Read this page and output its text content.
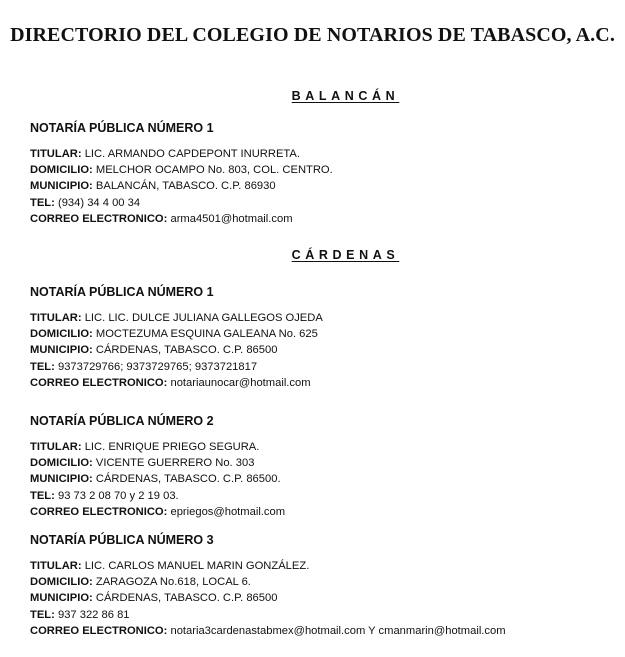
DIRECTORIO DEL COLEGIO DE NOTARIOS DE TABASCO, A.C.
BALANCÁN
NOTARÍA PÚBLICA NÚMERO 1
TITULAR: LIC. ARMANDO CAPDEPONT INURRETA.
DOMICILIO: MELCHOR OCAMPO No. 803, COL. CENTRO.
MUNICIPIO: BALANCÁN, TABASCO. C.P. 86930
TEL: (934) 34 4 00 34
CORREO ELECTRONICO: arma4501@hotmail.com
CÁRDENAS
NOTARÍA PÚBLICA NÚMERO 1
TITULAR: LIC. LIC. DULCE JULIANA GALLEGOS OJEDA
DOMICILIO: MOCTEZUMA ESQUINA GALEANA No. 625
MUNICIPIO: CÁRDENAS, TABASCO. C.P. 86500
TEL: 9373729766; 9373729765; 9373721817
CORREO ELECTRONICO: notariaunocar@hotmail.com
NOTARÍA PÚBLICA NÚMERO 2
TITULAR: LIC. ENRIQUE PRIEGO SEGURA.
DOMICILIO: VICENTE GUERRERO No. 303
MUNICIPIO: CÁRDENAS, TABASCO. C.P. 86500.
TEL: 93 73 2 08 70 y 2 19 03.
CORREO ELECTRONICO: epriegos@hotmail.com
NOTARÍA PÚBLICA NÚMERO 3
TITULAR: LIC. CARLOS MANUEL MARIN GONZÁLEZ.
DOMICILIO: ZARAGOZA No.618, LOCAL 6.
MUNICIPIO: CÁRDENAS, TABASCO. C.P. 86500
TEL: 937 322 86 81
CORREO ELECTRONICO: notaria3cardenastabmex@hotmail.com Y cmanmarin@hotmail.com
